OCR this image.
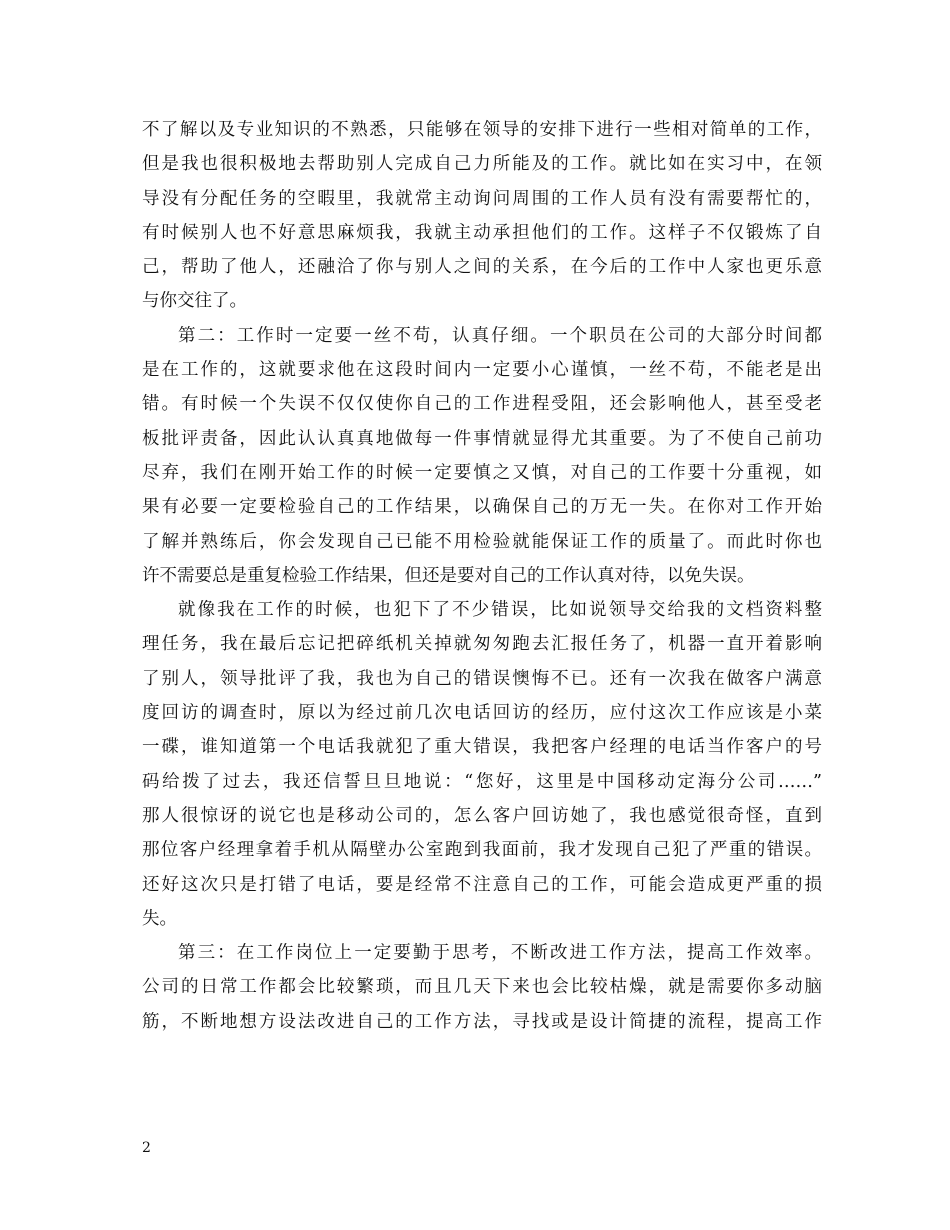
不了解以及专业知识的不熟悉，只能够在领导的安排下进行一些相对简单的工作，
但是我也很积极地去帮助别人完成自己力所能及的工作。就比如在实习中，在领
导没有分配任务的空暇里，我就常主动询问周围的工作人员有没有需要帮忙的，
有时候别人也不好意思麻烦我，我就主动承担他们的工作。这样子不仅锻炼了自
己，帮助了他人，还融洽了你与别人之间的关系，在今后的工作中人家也更乐意
与你交往了。
第二：工作时一定要一丝不苟，认真仔细。一个职员在公司的大部分时间都
是在工作的，这就要求他在这段时间内一定要小心谨慎，一丝不苟，不能老是出
错。有时候一个失误不仅仅使你自己的工作进程受阻，还会影响他人，甚至受老
板批评责备，因此认认真真地做每一件事情就显得尤其重要。为了不使自己前功
尽弃，我们在刚开始工作的时候一定要慎之又慎，对自己的工作要十分重视，如
果有必要一定要检验自己的工作结果，以确保自己的万无一失。在你对工作开始
了解并熟练后，你会发现自己已能不用检验就能保证工作的质量了。而此时你也
许不需要总是重复检验工作结果，但还是要对自己的工作认真对待，以免失误。
就像我在工作的时候，也犯下了不少错误，比如说领导交给我的文档资料整
理任务，我在最后忘记把碎纸机关掉就匆匆跑去汇报任务了，机器一直开着影响
了别人，领导批评了我，我也为自己的错误懊悔不已。还有一次我在做客户满意
度回访的调查时，原以为经过前几次电话回访的经历，应付这次工作应该是小菜
一碟，谁知道第一个电话我就犯了重大错误，我把客户经理的电话当作客户的号
码给拨了过去，我还信誓旦旦地说：“您好，这里是中国移动定海分公司……”
那人很惊讶的说它也是移动公司的，怎么客户回访她了，我也感觉很奇怪，直到
那位客户经理拿着手机从隔壁办公室跑到我面前，我才发现自己犯了严重的错误。
还好这次只是打错了电话，要是经常不注意自己的工作，可能会造成更严重的损
失。
第三：在工作岗位上一定要勤于思考，不断改进工作方法，提高工作效率。
公司的日常工作都会比较繁琐，而且几天下来也会比较枯燥，就是需要你多动脑
筋，不断地想方设法改进自己的工作方法，寻找或是设计简捷的流程，提高工作
2
